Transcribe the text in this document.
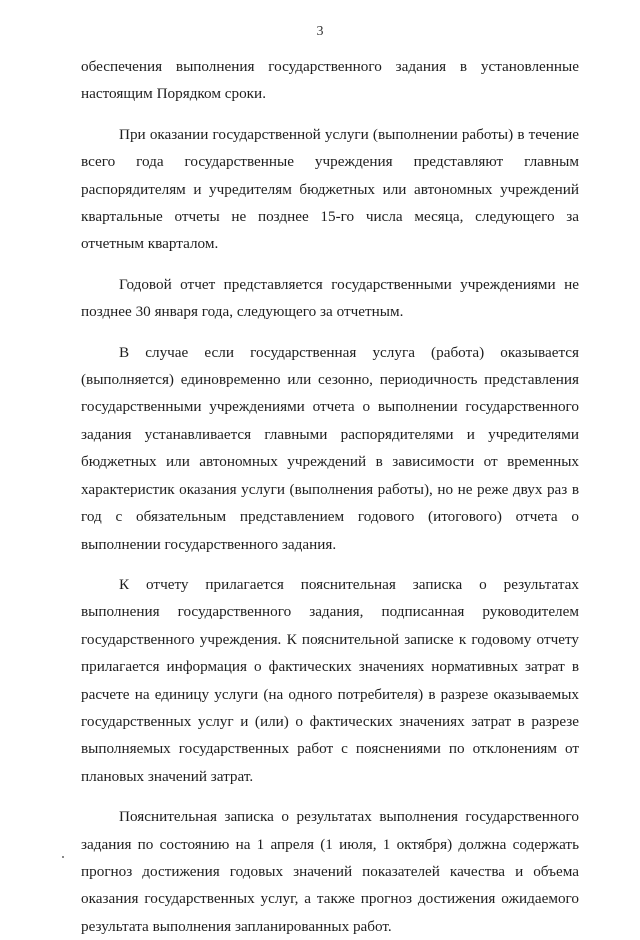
3

обеспечения выполнения государственного задания в установленные настоящим Порядком сроки.

При оказании государственной услуги (выполнении работы) в течение всего года государственные учреждения представляют главным распорядителям и учредителям бюджетных или автономных учреждений квартальные отчеты не позднее 15-го числа месяца, следующего за отчетным кварталом.

Годовой отчет представляется государственными учреждениями не позднее 30 января года, следующего за отчетным.

В случае если государственная услуга (работа) оказывается (выполняется) единовременно или сезонно, периодичность представления государственными учреждениями отчета о выполнении государственного задания устанавливается главными распорядителями и учредителями бюджетных или автономных учреждений в зависимости от временных характеристик оказания услуги (выполнения работы), но не реже двух раз в год с обязательным представлением годового (итогового) отчета о выполнении государственного задания.

К отчету прилагается пояснительная записка о результатах выполнения государственного задания, подписанная руководителем государственного учреждения. К пояснительной записке к годовому отчету прилагается информация о фактических значениях нормативных затрат в расчете на единицу услуги (на одного потребителя) в разрезе оказываемых государственных услуг и (или) о фактических значениях затрат в разрезе выполняемых государственных работ с пояснениями по отклонениям от плановых значений затрат.

Пояснительная записка о результатах выполнения государственного задания по состоянию на 1 апреля (1 июля, 1 октября) должна содержать прогноз достижения годовых значений показателей качества и объема оказания государственных услуг, а также прогноз достижения ожидаемого результата выполнения запланированных работ.
